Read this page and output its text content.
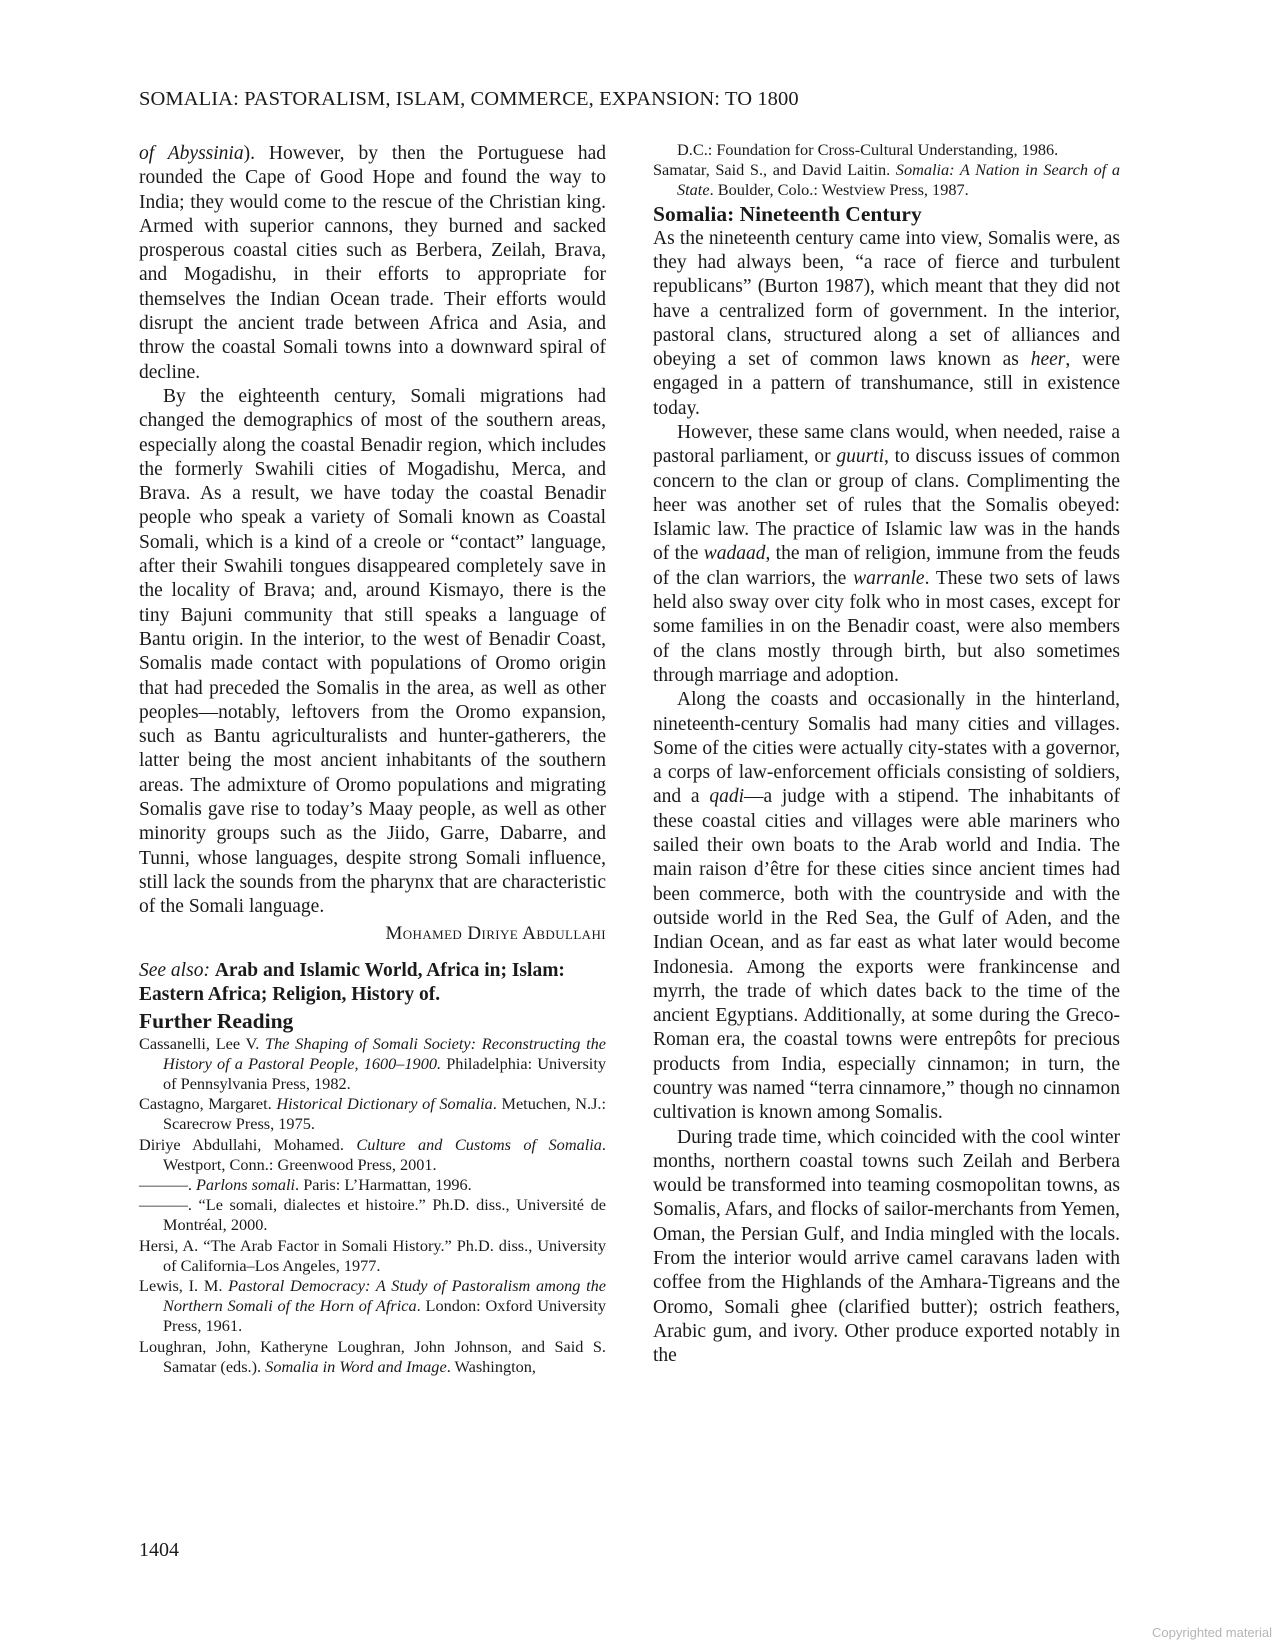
SOMALIA: PASTORALISM, ISLAM, COMMERCE, EXPANSION: TO 1800

of Abyssinia). However, by then the Portuguese had rounded the Cape of Good Hope and found the way to India; they would come to the rescue of the Christian king. Armed with superior cannons, they burned and sacked prosperous coastal cities such as Berbera, Zeilah, Brava, and Mogadishu, in their efforts to appropriate for themselves the Indian Ocean trade. Their efforts would disrupt the ancient trade between Africa and Asia, and throw the coastal Somali towns into a downward spiral of decline.

By the eighteenth century, Somali migrations had changed the demographics of most of the southern areas, especially along the coastal Benadir region, which includes the formerly Swahili cities of Mogadishu, Merca, and Brava. As a result, we have today the coastal Benadir people who speak a variety of Somali known as Coastal Somali, which is a kind of a creole or “contact” language, after their Swahili tongues disappeared completely save in the locality of Brava; and, around Kismayo, there is the tiny Bajuni community that still speaks a language of Bantu origin. In the interior, to the west of Benadir Coast, Somalis made contact with populations of Oromo origin that had preceded the Somalis in the area, as well as other peoples—notably, leftovers from the Oromo expansion, such as Bantu agriculturalists and hunter-gatherers, the latter being the most ancient inhabitants of the southern areas. The admixture of Oromo populations and migrating Somalis gave rise to today’s Maay people, as well as other minority groups such as the Jiido, Garre, Dabarre, and Tunni, whose languages, despite strong Somali influence, still lack the sounds from the pharynx that are characteristic of the Somali language.

Mohamed Diriye Abdullahi
See also: Arab and Islamic World, Africa in; Islam: Eastern Africa; Religion, History of.
Further Reading

Cassanelli, Lee V. The Shaping of Somali Society: Reconstructing the History of a Pastoral People, 1600–1900. Philadelphia: University of Pennsylvania Press, 1982.

Castagno, Margaret. Historical Dictionary of Somalia. Metuchen, N.J.: Scarecrow Press, 1975.

Diriye Abdullahi, Mohamed. Culture and Customs of Somalia. Westport, Conn.: Greenwood Press, 2001.

———. Parlons somali. Paris: L’Harmattan, 1996.

———. “Le somali, dialectes et histoire.” Ph.D. diss., Université de Montréal, 2000.

Hersi, A. “The Arab Factor in Somali History.” Ph.D. diss., University of California–Los Angeles, 1977.

Lewis, I. M. Pastoral Democracy: A Study of Pastoralism among the Northern Somali of the Horn of Africa. London: Oxford University Press, 1961.

Loughran, John, Katheryne Loughran, John Johnson, and Said S. Samatar (eds.). Somalia in Word and Image. Washington,

D.C.: Foundation for Cross-Cultural Understanding, 1986.

Samatar, Said S., and David Laitin. Somalia: A Nation in Search of a State. Boulder, Colo.: Westview Press, 1987.

Somalia: Nineteenth Century

As the nineteenth century came into view, Somalis were, as they had always been, “a race of fierce and turbulent republicans” (Burton 1987), which meant that they did not have a centralized form of government. In the interior, pastoral clans, structured along a set of alliances and obeying a set of common laws known as heer, were engaged in a pattern of transhumance, still in existence today.

However, these same clans would, when needed, raise a pastoral parliament, or guurti, to discuss issues of common concern to the clan or group of clans. Complimenting the heer was another set of rules that the Somalis obeyed: Islamic law. The practice of Islamic law was in the hands of the wadaad, the man of religion, immune from the feuds of the clan warriors, the warranle. These two sets of laws held also sway over city folk who in most cases, except for some families in on the Benadir coast, were also members of the clans mostly through birth, but also sometimes through marriage and adoption.

Along the coasts and occasionally in the hinterland, nineteenth-century Somalis had many cities and villages. Some of the cities were actually city-states with a governor, a corps of law-enforcement officials consisting of soldiers, and a qadi—a judge with a stipend. The inhabitants of these coastal cities and villages were able mariners who sailed their own boats to the Arab world and India. The main raison d’être for these cities since ancient times had been commerce, both with the countryside and with the outside world in the Red Sea, the Gulf of Aden, and the Indian Ocean, and as far east as what later would become Indonesia. Among the exports were frankincense and myrrh, the trade of which dates back to the time of the ancient Egyptians. Additionally, at some during the Greco-Roman era, the coastal towns were entrepôts for precious products from India, especially cinnamon; in turn, the country was named “terra cinnamore,” though no cinnamon cultivation is known among Somalis.

During trade time, which coincided with the cool winter months, northern coastal towns such Zeilah and Berbera would be transformed into teaming cosmopolitan towns, as Somalis, Afars, and flocks of sailor-merchants from Yemen, Oman, the Persian Gulf, and India mingled with the locals. From the interior would arrive camel caravans laden with coffee from the Highlands of the Amhara-Tigreans and the Oromo, Somali ghee (clarified butter); ostrich feathers, Arabic gum, and ivory. Other produce exported notably in the

1404
Copyrighted material
